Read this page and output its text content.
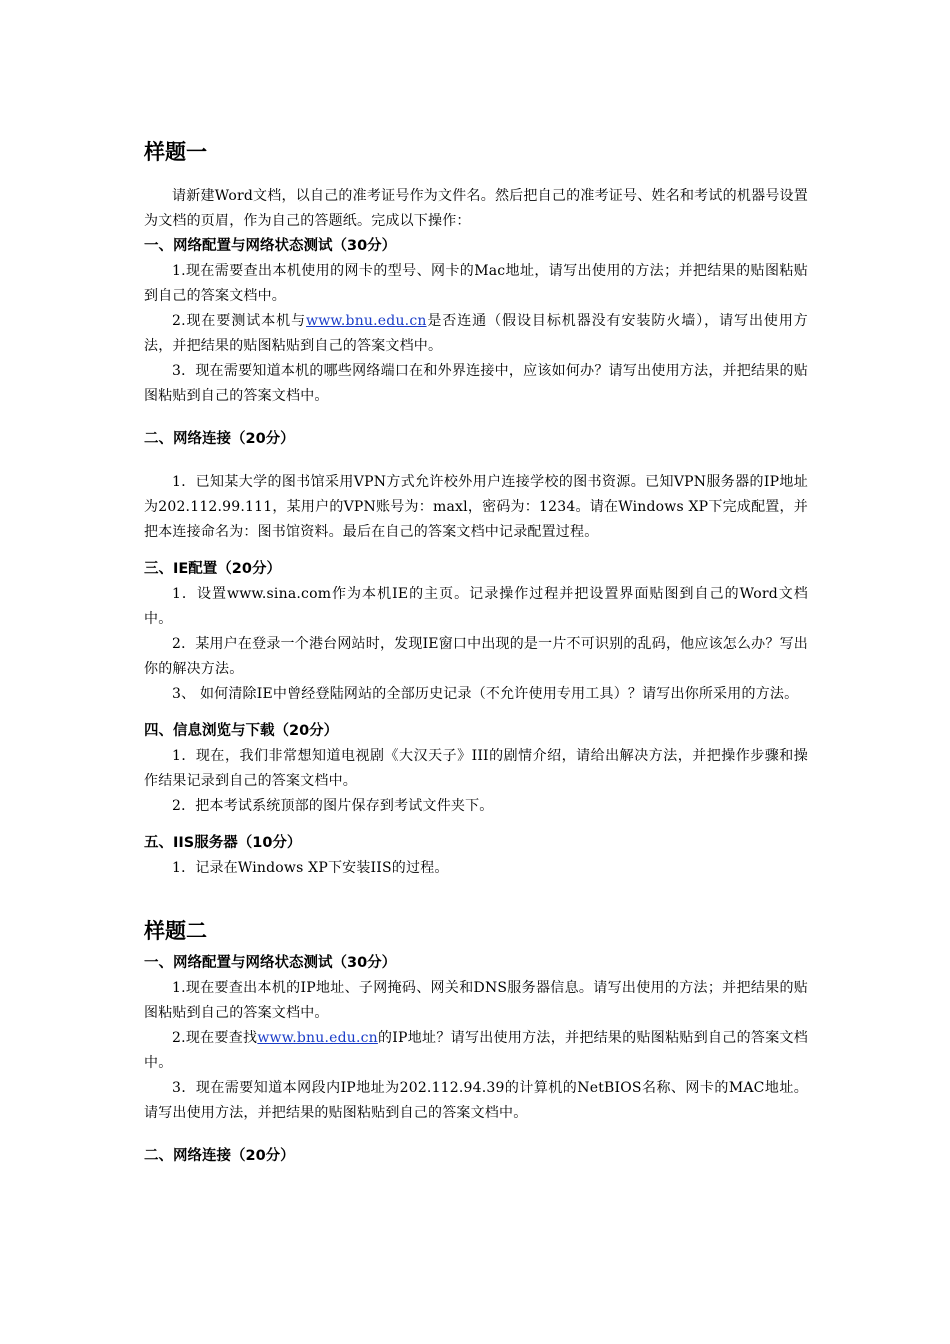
样题一

请新建Word文档，以自己的准考证号作为文件名。然后把自己的准考证号、姓名和考试的机器号设置为文档的页眉，作为自己的答题纸。完成以下操作：

一、网络配置与网络状态测试（30分）

1.现在需要查出本机使用的网卡的型号、网卡的Mac地址，请写出使用的方法；并把结果的贴图粘贴到自己的答案文档中。

2.现在要测试本机与www.bnu.edu.cn是否连通（假设目标机器没有安装防火墙），请写出使用方法，并把结果的贴图粘贴到自己的答案文档中。

3．现在需要知道本机的哪些网络端口在和外界连接中，应该如何办？请写出使用方法，并把结果的贴图粘贴到自己的答案文档中。

二、网络连接（20分）

1．已知某大学的图书馆采用VPN方式允许校外用户连接学校的图书资源。已知VPN服务器的IP地址为202.112.99.111，某用户的VPN账号为：maxl，密码为：1234。请在Windows XP下完成配置，并把本连接命名为：图书馆资料。最后在自己的答案文档中记录配置过程。

三、IE配置（20分）

1．设置www.sina.com作为本机IE的主页。记录操作过程并把设置界面贴图到自己的Word文档中。

2．某用户在登录一个港台网站时，发现IE窗口中出现的是一片不可识别的乱码，他应该怎么办？写出你的解决方法。

3、 如何清除IE中曾经登陆网站的全部历史记录（不允许使用专用工具）？请写出你所采用的方法。

四、信息浏览与下载（20分）

1．现在，我们非常想知道电视剧《大汉天子》III的剧情介绍，请给出解决方法，并把操作步骤和操作结果记录到自己的答案文档中。

2．把本考试系统顶部的图片保存到考试文件夹下。

五、IIS服务器（10分）

1．记录在Windows XP下安装IIS的过程。

样题二

一、网络配置与网络状态测试（30分）

1.现在要查出本机的IP地址、子网掩码、网关和DNS服务器信息。请写出使用的方法；并把结果的贴图粘贴到自己的答案文档中。

2.现在要查找www.bnu.edu.cn的IP地址？请写出使用方法，并把结果的贴图粘贴到自己的答案文档中。

3．现在需要知道本网段内IP地址为202.112.94.39的计算机的NetBIOS名称、网卡的MAC地址。请写出使用方法，并把结果的贴图粘贴到自己的答案文档中。

二、网络连接（20分）
